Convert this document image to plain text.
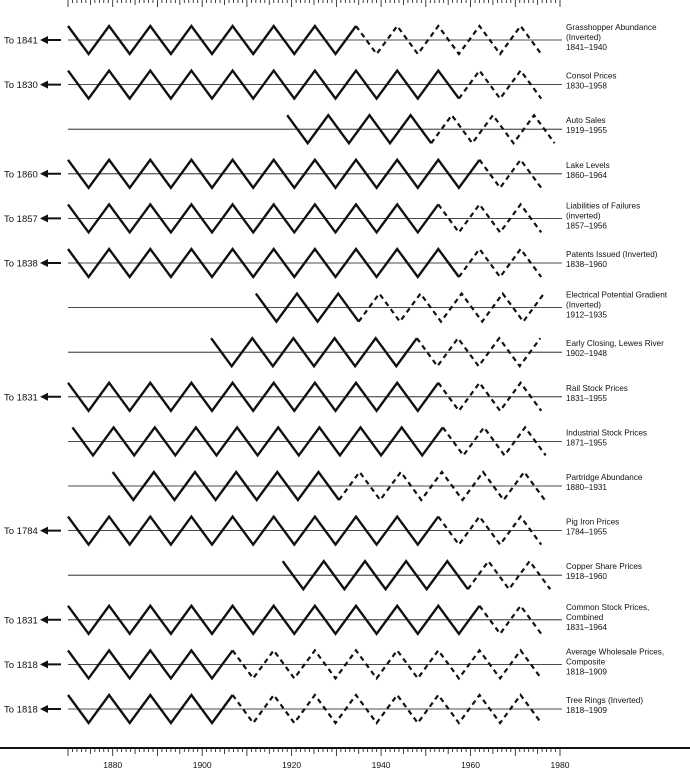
To 1841
Grasshopper Abundance
(Inverted)
1841–1940
To 1830
Consol Prices
1830–1958
Auto Sales
1919–1955
To 1860
Lake Levels
1860–1964
To 1857
Liabilities of Failures
(inverted)
1857–1956
To 1838
Patents Issued (Inverted)
1838–1960
Electrical Potential Gradient
(Inverted)
1912–1935
Early Closing, Lewes River
1902–1948
To 1831
Rail Stock Prices
1831–1955
Industrial Stock Prices
1871–1955
Partridge Abundance
1880–1931
To 1784
Pig Iron Prices
1784–1955
Copper Share Prices
1918–1960
To 1831
Common Stock Prices,
Combined
1831–1964
To 1818
Average Wholesale Prices,
Composite
1818–1909
To 1818
Tree Rings (Inverted)
1818–1909
1880	1900	1920	1940	1960	1980
